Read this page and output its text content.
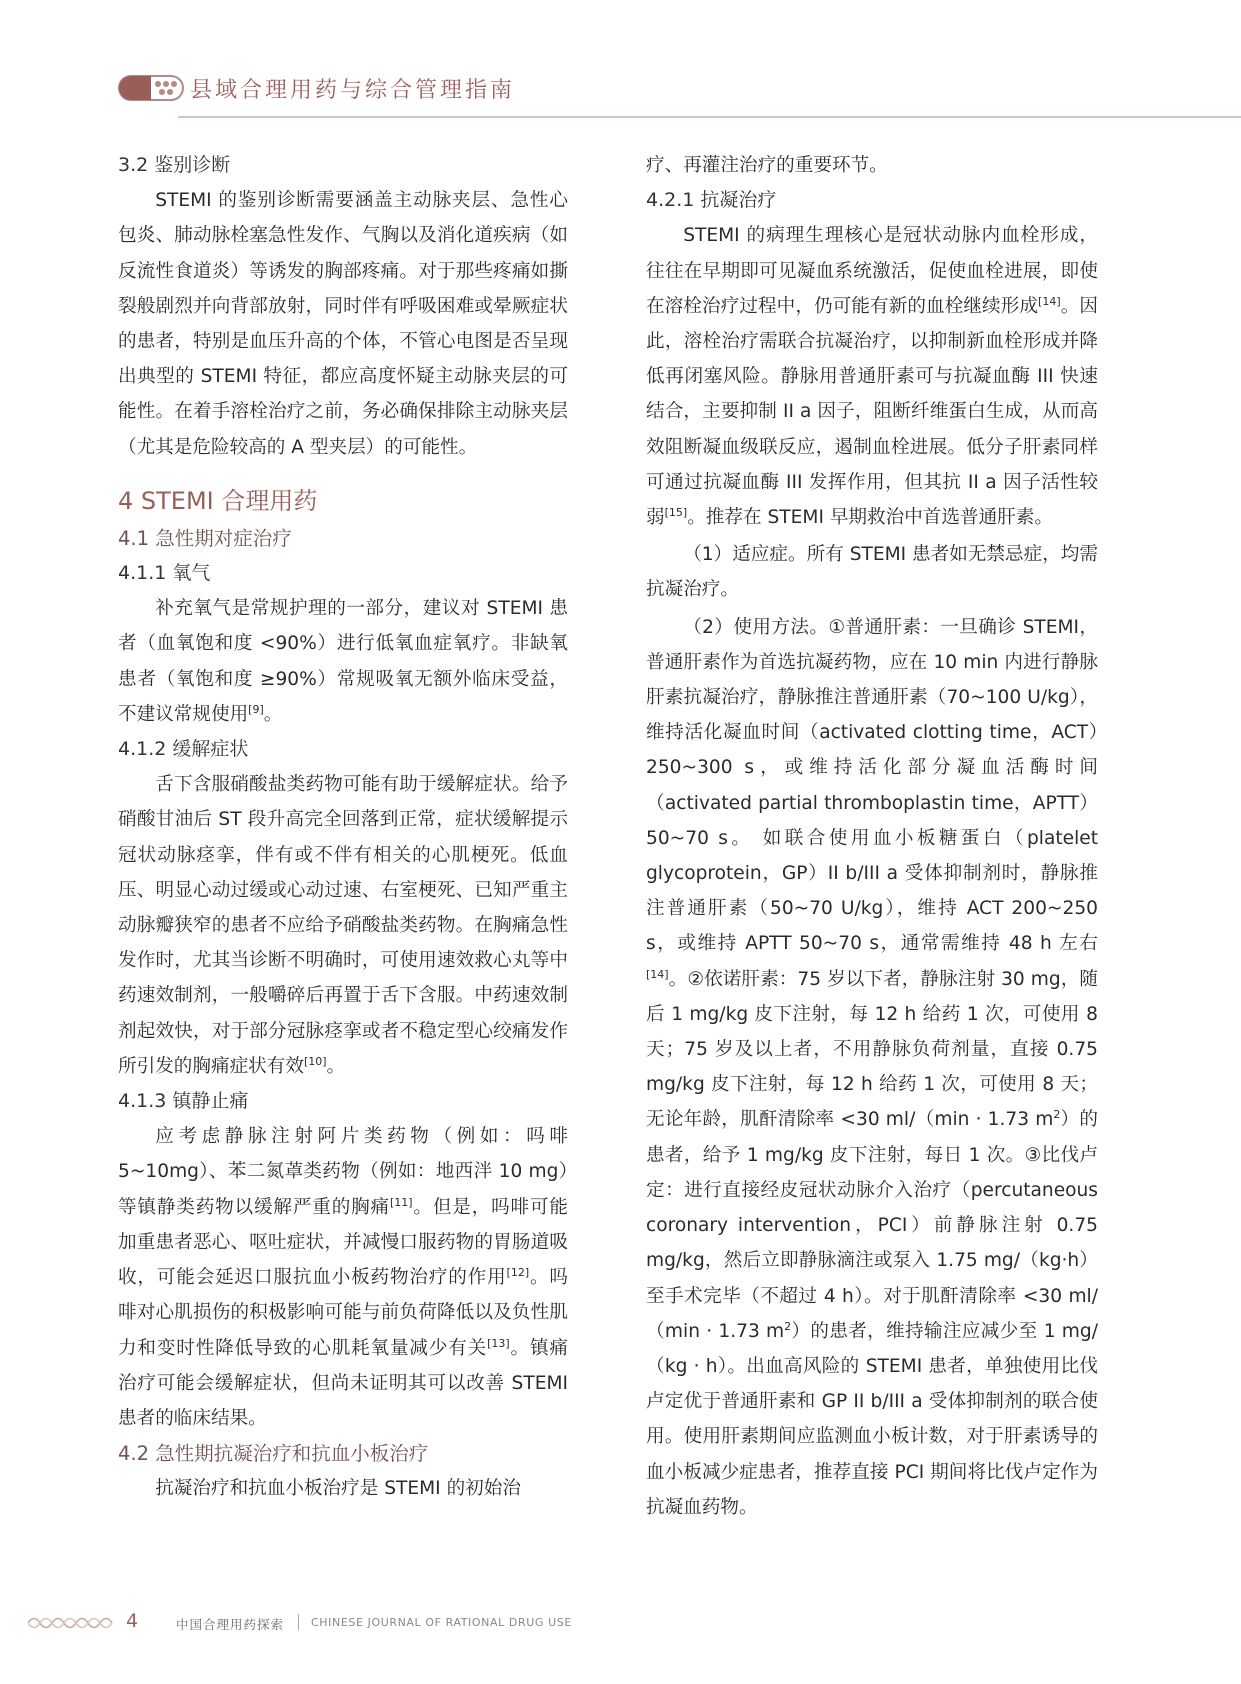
县域合理用药与综合管理指南

3.2 鉴别诊断

STEMI 的鉴别诊断需要涵盖主动脉夹层、急性心包炎、肺动脉栓塞急性发作、气胸以及消化道疾病（如反流性食道炎）等诱发的胸部疼痛。对于那些疼痛如撕裂般剧烈并向背部放射，同时伴有呼吸困难或晕厥症状的患者，特别是血压升高的个体，不管心电图是否呈现出典型的 STEMI 特征，都应高度怀疑主动脉夹层的可能性。在着手溶栓治疗之前，务必确保排除主动脉夹层（尤其是危险较高的 A 型夹层）的可能性。

4 STEMI 合理用药

4.1 急性期对症治疗

4.1.1 氧气

补充氧气是常规护理的一部分，建议对 STEMI 患者（血氧饱和度 <90%）进行低氧血症氧疗。非缺氧患者（氧饱和度 ≥90%）常规吸氧无额外临床受益，不建议常规使用[9]。

4.1.2 缓解症状

舌下含服硝酸盐类药物可能有助于缓解症状。给予硝酸甘油后 ST 段升高完全回落到正常，症状缓解提示冠状动脉痉挛，伴有或不伴有相关的心肌梗死。低血压、明显心动过缓或心动过速、右室梗死、已知严重主动脉瓣狭窄的患者不应给予硝酸盐类药物。在胸痛急性发作时，尤其当诊断不明确时，可使用速效救心丸等中药速效制剂，一般嚼碎后再置于舌下含服。中药速效制剂起效快，对于部分冠脉痉挛或者不稳定型心绞痛发作所引发的胸痛症状有效[10]。

4.1.3 镇静止痛

应考虑静脉注射阿片类药物（例如：吗啡 5~10mg）、苯二氮䓬类药物（例如：地西泮 10 mg）等镇静类药物以缓解严重的胸痛[11]。但是，吗啡可能加重患者恶心、呕吐症状，并减慢口服药物的胃肠道吸收，可能会延迟口服抗血小板药物治疗的作用[12]。吗啡对心肌损伤的积极影响可能与前负荷降低以及负性肌力和变时性降低导致的心肌耗氧量减少有关[13]。镇痛治疗可能会缓解症状，但尚未证明其可以改善 STEMI 患者的临床结果。

4.2 急性期抗凝治疗和抗血小板治疗

抗凝治疗和抗血小板治疗是 STEMI 的初始治

疗、再灌注治疗的重要环节。

4.2.1 抗凝治疗

STEMI 的病理生理核心是冠状动脉内血栓形成，往往在早期即可见凝血系统激活，促使血栓进展，即使在溶栓治疗过程中，仍可能有新的血栓继续形成[14]。因此，溶栓治疗需联合抗凝治疗，以抑制新血栓形成并降低再闭塞风险。静脉用普通肝素可与抗凝血酶 III 快速结合，主要抑制 II a 因子，阻断纤维蛋白生成，从而高效阻断凝血级联反应，遏制血栓进展。低分子肝素同样可通过抗凝血酶 III 发挥作用，但其抗 II a 因子活性较弱[15]。推荐在 STEMI 早期救治中首选普通肝素。

（1）适应症。所有 STEMI 患者如无禁忌症，均需抗凝治疗。

（2）使用方法。①普通肝素：一旦确诊 STEMI，普通肝素作为首选抗凝药物，应在 10 min 内进行静脉肝素抗凝治疗，静脉推注普通肝素（70~100 U/kg），维持活化凝血时间（activated clotting time，ACT）250~300 s，或维持活化部分凝血活酶时间（activated partial thromboplastin time，APTT）50~70 s。 如联合使用血小板糖蛋白（platelet glycoprotein，GP）II b/III a 受体抑制剂时，静脉推注普通肝素（50~70 U/kg），维持 ACT 200~250 s，或维持 APTT 50~70 s，通常需维持 48 h 左右[14]。②依诺肝素：75 岁以下者，静脉注射 30 mg，随后 1 mg/kg 皮下注射，每 12 h 给药 1 次，可使用 8 天；75 岁及以上者，不用静脉负荷剂量，直接 0.75 mg/kg 皮下注射，每 12 h 给药 1 次，可使用 8 天；无论年龄，肌酐清除率 <30 ml/（min · 1.73 $m^2$）的患者，给予 1 mg/kg 皮下注射，每日 1 次。③比伐卢定：进行直接经皮冠状动脉介入治疗（percutaneous coronary intervention，PCI）前静脉注射 0.75 mg/kg，然后立即静脉滴注或泵入 1.75 mg/（kg·h）至手术完毕（不超过 4 h）。对于肌酐清除率 <30 ml/（min · 1.73 $m^2$）的患者，维持输注应减少至 1 mg/（kg · h）。出血高风险的 STEMI 患者，单独使用比伐卢定优于普通肝素和 GP II b/III a 受体抑制剂的联合使用。使用肝素期间应监测血小板计数，对于肝素诱导的血小板减少症患者，推荐直接 PCI 期间将比伐卢定作为抗凝血药物。

4	中国合理用药探索 CHINESE JOURNAL OF RATIONAL DRUG USE
